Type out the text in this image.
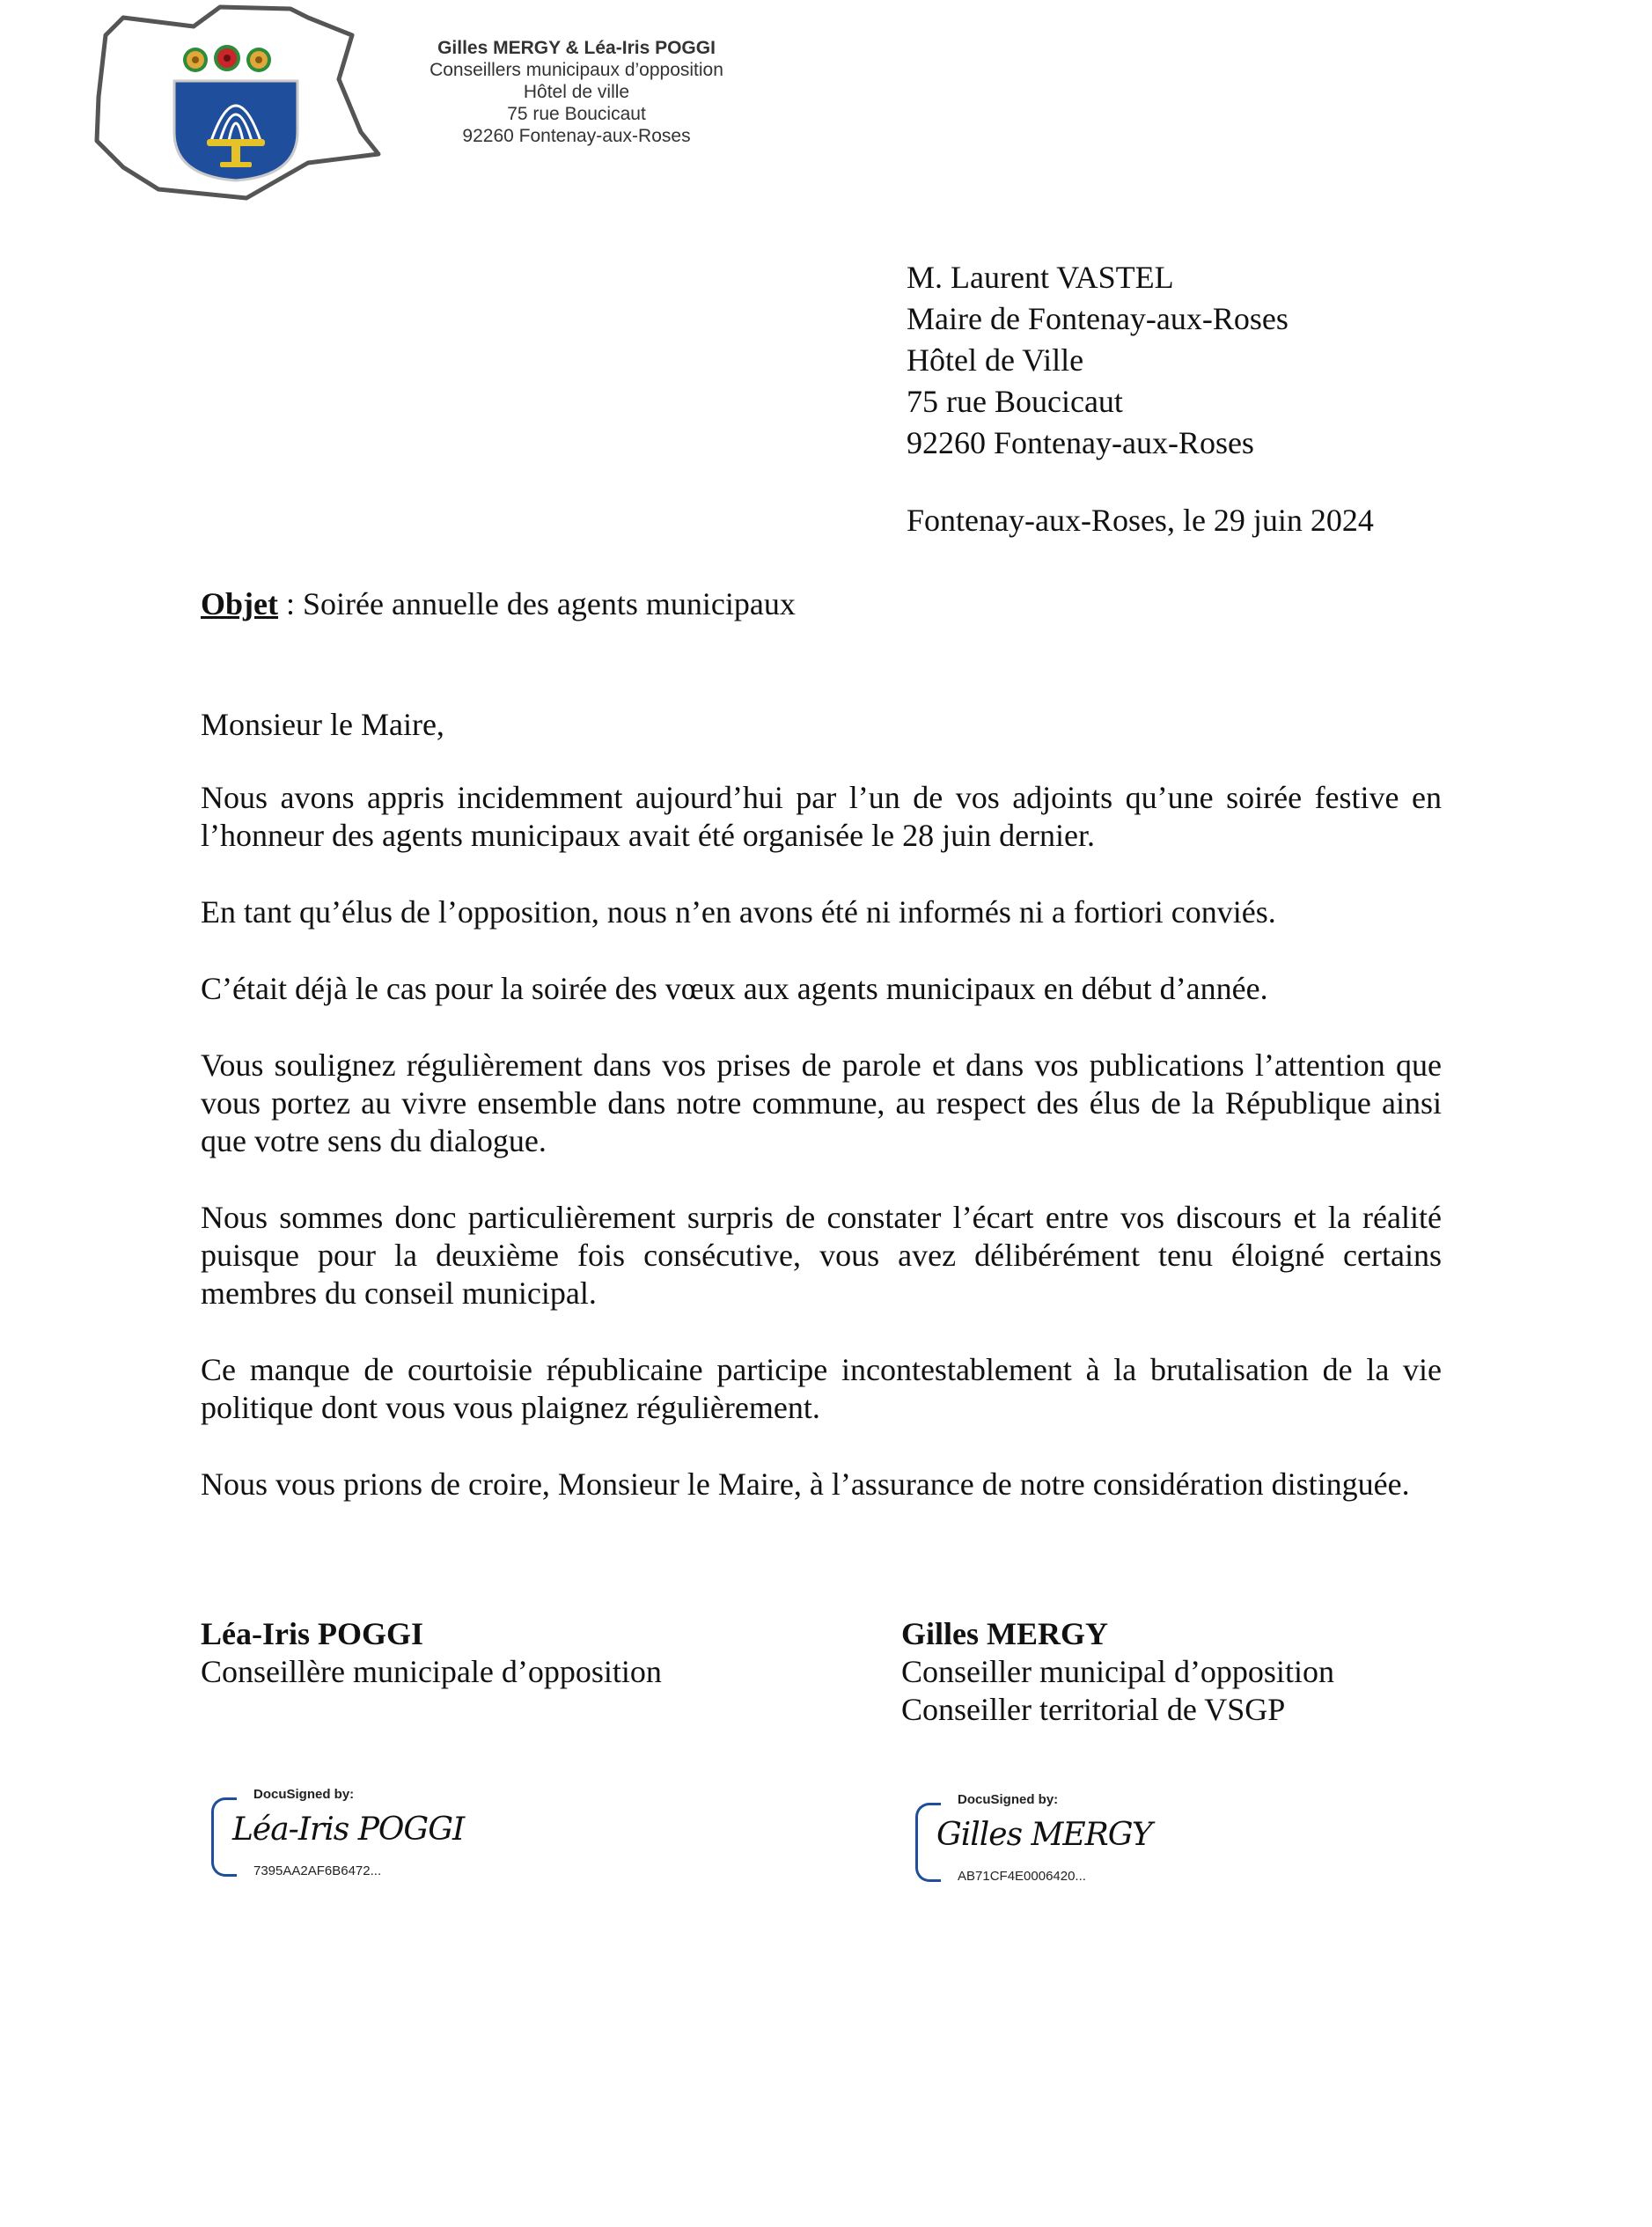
Gilles MERGY & Léa-Iris POGGI
Conseillers municipaux d’opposition
Hôtel de ville
75 rue Boucicaut
92260 Fontenay-aux-Roses
M. Laurent VASTEL
Maire de Fontenay-aux-Roses
Hôtel de Ville
75 rue Boucicaut
92260 Fontenay-aux-Roses
Fontenay-aux-Roses, le 29 juin 2024
Objet : Soirée annuelle des agents municipaux
Monsieur le Maire,

Nous avons appris incidemment aujourd’hui par l’un de vos adjoints qu’une soirée festive en l’honneur des agents municipaux avait été organisée le 28 juin dernier.

En tant qu’élus de l’opposition, nous n’en avons été ni informés ni a fortiori conviés.

C’était déjà le cas pour la soirée des vœux aux agents municipaux en début d’année.

Vous soulignez régulièrement dans vos prises de parole et dans vos publications l’attention que vous portez au vivre ensemble dans notre commune, au respect des élus de la République ainsi que votre sens du dialogue.

Nous sommes donc particulièrement surpris de constater l’écart entre vos discours et la réalité puisque pour la deuxième fois consécutive, vous avez délibérément tenu éloigné certains membres du conseil municipal.

Ce manque de courtoisie républicaine participe incontestablement à la brutalisation de la vie politique dont vous vous plaignez régulièrement.

Nous vous prions de croire, Monsieur le Maire, à l’assurance de notre considération distinguée.

Léa-Iris POGGI
Conseillère municipale d’opposition
Gilles MERGY
Conseiller municipal d’opposition
Conseiller territorial de VSGP
DocuSigned by:
Léa-Iris POGGI
7395AA2AF6B6472...
DocuSigned by:
Gilles MERGY
AB71CF4E0006420...
